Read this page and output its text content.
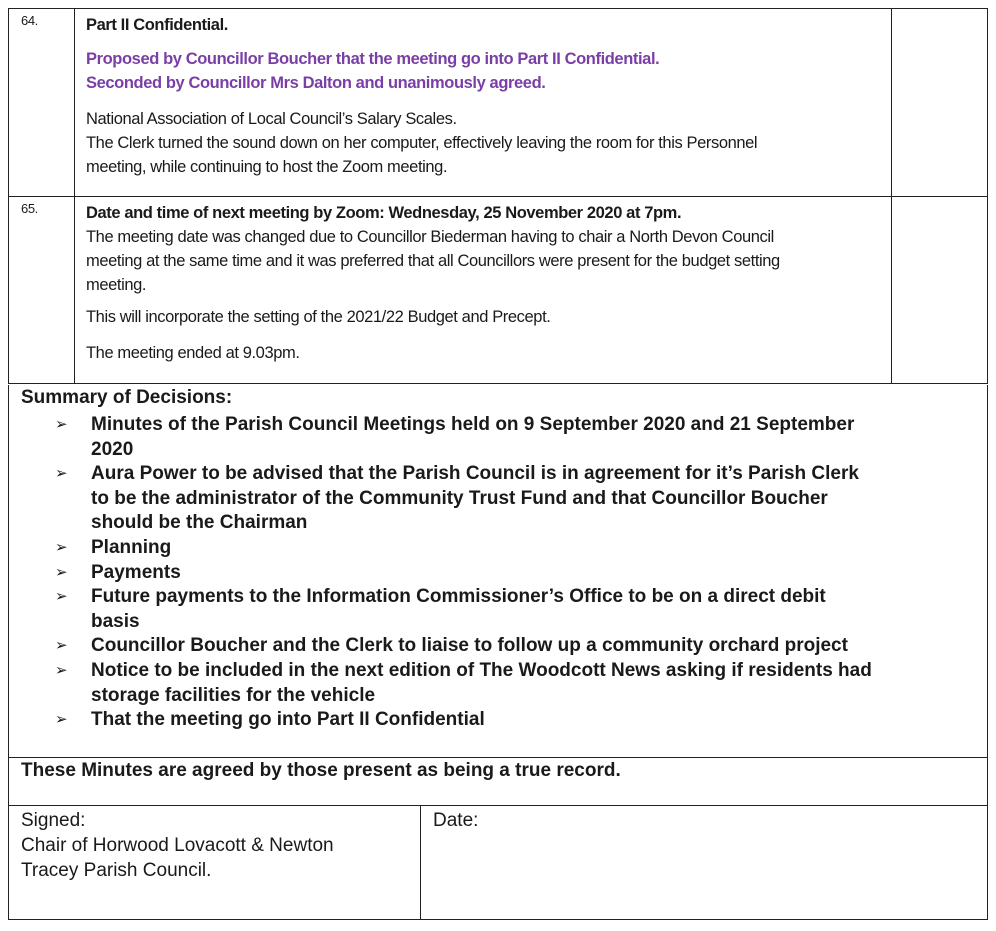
64.	Part II Confidential.

Proposed by Councillor Boucher that the meeting go into Part II Confidential.

Seconded by Councillor Mrs Dalton and unanimously agreed.

National Association of Local Council’s Salary Scales.

The Clerk turned the sound down on her computer, effectively leaving the room for this Personnel

meeting, while continuing to host the Zoom meeting.

65.	Date and time of next meeting by Zoom: Wednesday, 25 November 2020 at 7pm.

The meeting date was changed due to Councillor Biederman having to chair a North Devon Council

meeting at the same time and it was preferred that all Councillors were present for the budget setting

meeting.

This will incorporate the setting of the 2021/22 Budget and Precept.

The meeting ended at 9.03pm.

Summary of Decisions:
➢ Minutes of the Parish Council Meetings held on 9 September 2020 and 21 September
2020
➢ Aura Power to be advised that the Parish Council is in agreement for it’s Parish Clerk
to be the administrator of the Community Trust Fund and that Councillor Boucher
should be the Chairman
➢ Planning
➢ Payments
➢ Future payments to the Information Commissioner’s Office to be on a direct debit
basis
➢ Councillor Boucher and the Clerk to liaise to follow up a community orchard project
➢ Notice to be included in the next edition of The Woodcott News asking if residents had
storage facilities for the vehicle
➢ That the meeting go into Part II Confidential
These Minutes are agreed by those present as being a true record.
Signed:
Chair of Horwood Lovacott & Newton
Tracey Parish Council.
Date:
